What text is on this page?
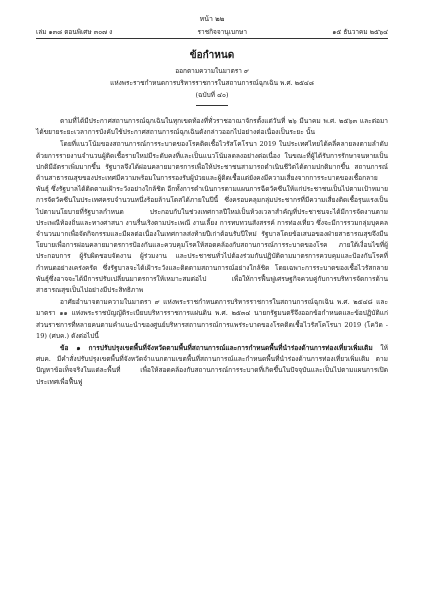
หน้า ๒๒
เล่ม ๑๓๘ ตอนพิเศษ ๓๐๗ ง	ราชกิจจานุเบกษา	๑๕ ธันวาคม ๒๕๖๔
ข้อกำหนด
ออกตามความในมาตรา ๙
แห่งพระราชกำหนดการบริหารราชการในสถานการณ์ฉุกเฉิน พ.ศ. ๒๕๔๘
(ฉบับที่ ๔๐)

ตามที่ได้มีประกาศสถานการณ์ฉุกเฉินในทุกเขตท้องที่ทั่วราชอาณาจักรตั้งแต่วันที่ ๒๖ มีนาคม พ.ศ. ๒๕๖๓ และต่อมาได้ขยายระยะเวลาการบังคับใช้ประกาศสถานการณ์ฉุกเฉินดังกล่าวออกไปอย่างต่อเนื่องเป็นระยะ นั้น

โดยที่แนวโน้มของสถานการณ์การระบาดของโรคติดเชื้อไวรัสโคโรนา 2019 ในประเทศไทยได้คลี่คลายลงตามลำดับ ด้วยการรายงานจำนวนผู้ติดเชื้อรายใหม่มีระดับคงที่และเป็นแนวโน้มลดลงอย่างต่อเนื่อง ในขณะที่ผู้ได้รับการรักษาจนหายเป็นปกติมีอัตราเพิ่มมากขึ้น รัฐบาลจึงได้ผ่อนคลายมาตรการเพื่อให้ประชาชนสามารถดำเนินชีวิตได้ตามปกติมากขึ้น สถานการณ์ด้านสาธารณสุขของประเทศมีความพร้อมในการรองรับผู้ป่วยและผู้ติดเชื้อแต่ยังคงมีความเสี่ยงจากการระบาดของเชื้อกลายพันธุ์ ซึ่งรัฐบาลได้ติดตามเฝ้าระวังอย่างใกล้ชิด อีกทั้งการดำเนินการตามแผนการฉีดวัคซีนให้แก่ประชาชนเป็นไปตามเป้าหมาย การจัดวัคซีนในประเทศครบจำนวนหนึ่งร้อยล้านโดสได้ภายในปีนี้ ซึ่งครอบคลุมกลุ่มประชากรที่มีความเสี่ยงติดเชื้อรุนแรงเป็นไปตามนโยบายที่รัฐบาลกำหนด ประกอบกับในช่วงเทศกาลปีใหม่เป็นห้วงเวลาสำคัญที่ประชาชนจะได้มีการจัดงานตามประเพณีท้องถิ่นและทางศาสนา งานรื่นเริงตามประเพณี งานเลี้ยง การทบทวนสังสรรค์ การท่องเที่ยว ซึ่งจะมีการรวมกลุ่มบุคคลจำนวนมากเพื่อจัดกิจกรรมและมีผลต่อเนื่องในเทศกาลส่งท้ายปีเก่าต้อนรับปีใหม่ รัฐบาลโดยข้อเสนอของฝ่ายสาธารณสุขจึงมีนโยบายเพื่อการผ่อนคลายมาตรการป้องกันและควบคุมโรคให้สอดคล้องกับสถานการณ์การระบาดของโรค ภายใต้เงื่อนไขที่ผู้ประกอบการ ผู้รับผิดชอบจัดงาน ผู้ร่วมงาน และประชาชนทั่วไปต้องร่วมกันปฏิบัติตามมาตรการควบคุมและป้องกันโรคที่กำหนดอย่างเคร่งครัด ซึ่งรัฐบาลจะได้เฝ้าระวังและติดตามสถานการณ์อย่างใกล้ชิด โดยเฉพาะการระบาดของเชื้อไวรัสกลายพันธุ์ซึ่งอาจจะได้มีการปรับเปลี่ยนมาตรการให้เหมาะสมต่อไป เพื่อให้การฟื้นฟูเศรษฐกิจควบคู่กับการบริหารจัดการด้านสาธารณสุขเป็นไปอย่างมีประสิทธิภาพ

อาศัยอำนาจตามความในมาตรา ๙ แห่งพระราชกำหนดการบริหารราชการในสถานการณ์ฉุกเฉิน พ.ศ. ๒๕๔๘ และมาตรา ๑๑ แห่งพระราชบัญญัติระเบียบบริหารราชการแผ่นดิน พ.ศ. ๒๕๓๔ นายกรัฐมนตรีจึงออกข้อกำหนดและข้อปฏิบัติแก่ส่วนราชการที่หลายคนตามคำแนะนำของศูนย์บริหารสถานการณ์การแพร่ระบาดของโรคติดเชื้อไวรัสโคโรนา 2019 (โควิด - 19) (ศบค.) ดังต่อไปนี้

ข้อ ๑ การปรับปรุงเขตพื้นที่จังหวัดตามพื้นที่สถานการณ์และการกำหนดพื้นที่นำร่องด้านการท่องเที่ยวเพิ่มเติม ให้ ศบค. มีคำสั่งปรับปรุงเขตพื้นที่จังหวัดจำแนกตามเขตพื้นที่สถานการณ์และกำหนดพื้นที่นำร่องด้านการท่องเที่ยวเพิ่มเติม ตามปัญหาข้อเท็จจริงในแต่ละพื้นที่ เพื่อให้สอดคล้องกับสถานการณ์การระบาดที่เกิดขึ้นในปัจจุบันและเป็นไปตามแผนการเปิดประเทศเพื่อฟื้นฟู
